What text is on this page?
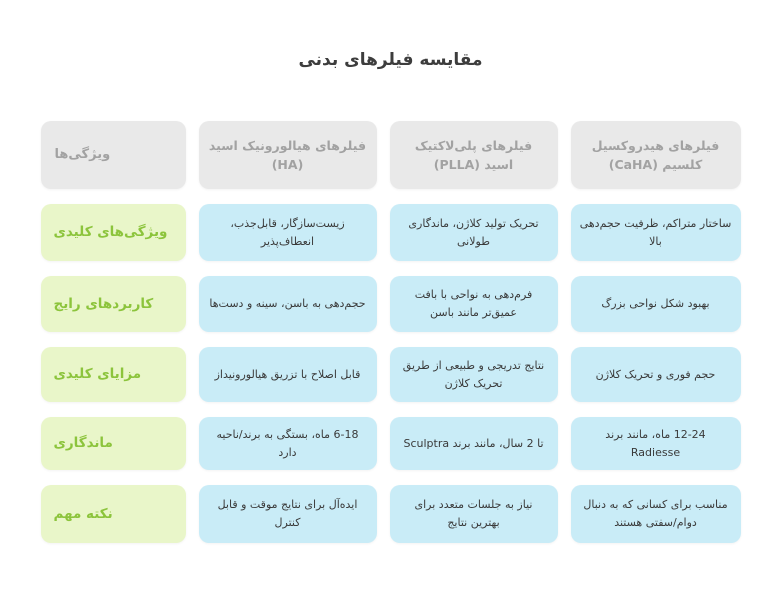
مقایسه فیلرهای بدنی
ویژگی‌ها
فیلرهای هیالورونیک اسید (HA)
فیلرهای پلی‌لاکتیک اسید (PLLA)
فیلرهای هیدروکسیل کلسیم (CaHA)
ویژگی‌های کلیدی
زیست‌سازگار، قابل‌جذب، انعطاف‌پذیر
تحریک تولید کلاژن، ماندگاری طولانی
ساختار متراکم، ظرفیت حجم‌دهی بالا
کاربردهای رایج	حجم‌دهی به باسن، سینه و دست‌ها
فرم‌دهی به نواحی با بافت عمیق‌تر مانند باسن
بهبود شکل نواحی بزرگ
مزایای کلیدی	قابل اصلاح با تزریق هیالورونیداز
نتایج تدریجی و طبیعی از طریق تحریک کلاژن
حجم فوری و تحریک کلاژن
ماندگاری
6-18 ماه، بستگی به برند/ناحیه دارد
تا 2 سال، مانند برند Sculptra
12-24 ماه، مانند برند Radiesse
نکته مهم
ایده‌آل برای نتایج موقت و قابل کنترل
نیاز به جلسات متعدد برای بهترین نتایج
مناسب برای کسانی که به دنبال دوام/سفتی هستند
